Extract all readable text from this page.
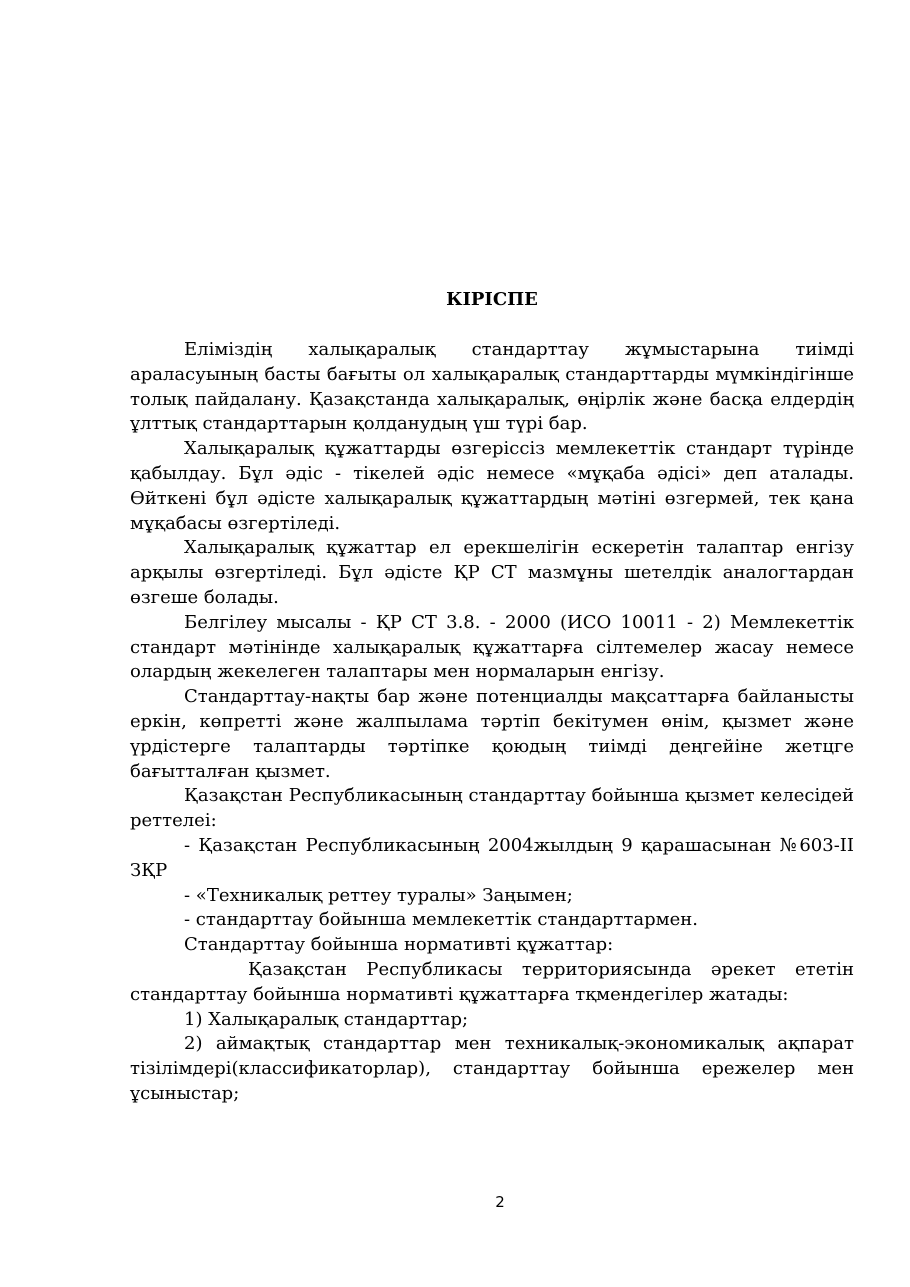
КІРІСПЕ

Еліміздің халықаралық стандарттау жұмыстарына тиімді араласуының басты бағыты ол халықаралық стандарттарды мүмкіндігінше толық пайдалану. Қазақстанда халықаралық, өңірлік және басқа елдердің ұлттық стандарттарын қолданудың үш түрі бар.

Халықаралық құжаттарды өзгеріссіз мемлекеттік стандарт түрінде қабылдау. Бұл әдіс - тікелей әдіс немесе «мұқаба әдісі» деп аталады. Өйткені бұл әдісте халықаралық құжаттардың мәтіні өзгермей, тек қана мұқабасы өзгертіледі.

Халықаралық құжаттар ел ерекшелігін ескеретін талаптар енгізу арқылы өзгертіледі. Бұл әдісте ҚР СТ мазмұны шетелдік аналогтардан өзгеше болады.

Белгілеу мысалы - ҚР СТ 3.8. - 2000 (ИСО 10011 - 2) Мемлекеттік стандарт мәтінінде халықаралық құжаттарға сілтемелер жасау немесе олардың жекелеген талаптары мен нормаларын енгізу.

Стандарттау-нақты бар және потенциалды мақсаттарға байланысты еркін, көпретті және жалпылама тәртіп бекітумен өнім, қызмет және үрдістерге талаптарды тәртіпке қоюдың тиімді деңгейіне жетцге бағытталған қызмет.

Қазақстан Республикасының стандарттау бойынша қызмет келесідей реттелеі:

- Қазақстан Республикасының 2004жылдың 9 қарашасынан №603-ІІ ЗҚР

- «Техникалық реттеу туралы» Заңымен;

- стандарттау бойынша мемлекеттік стандарттармен.

Стандарттау бойынша нормативті құжаттар:

Қазақстан Республикасы территориясында әрекет ететін стандарттау бойынша нормативті құжаттарға тқмендегілер жатады:

1) Халықаралық стандарттар;

2) аймақтық стандарттар мен техникалық-экономикалық ақпарат тізілімдері(классификаторлар), стандарттау бойынша ережелер мен ұсыныстар;

2
